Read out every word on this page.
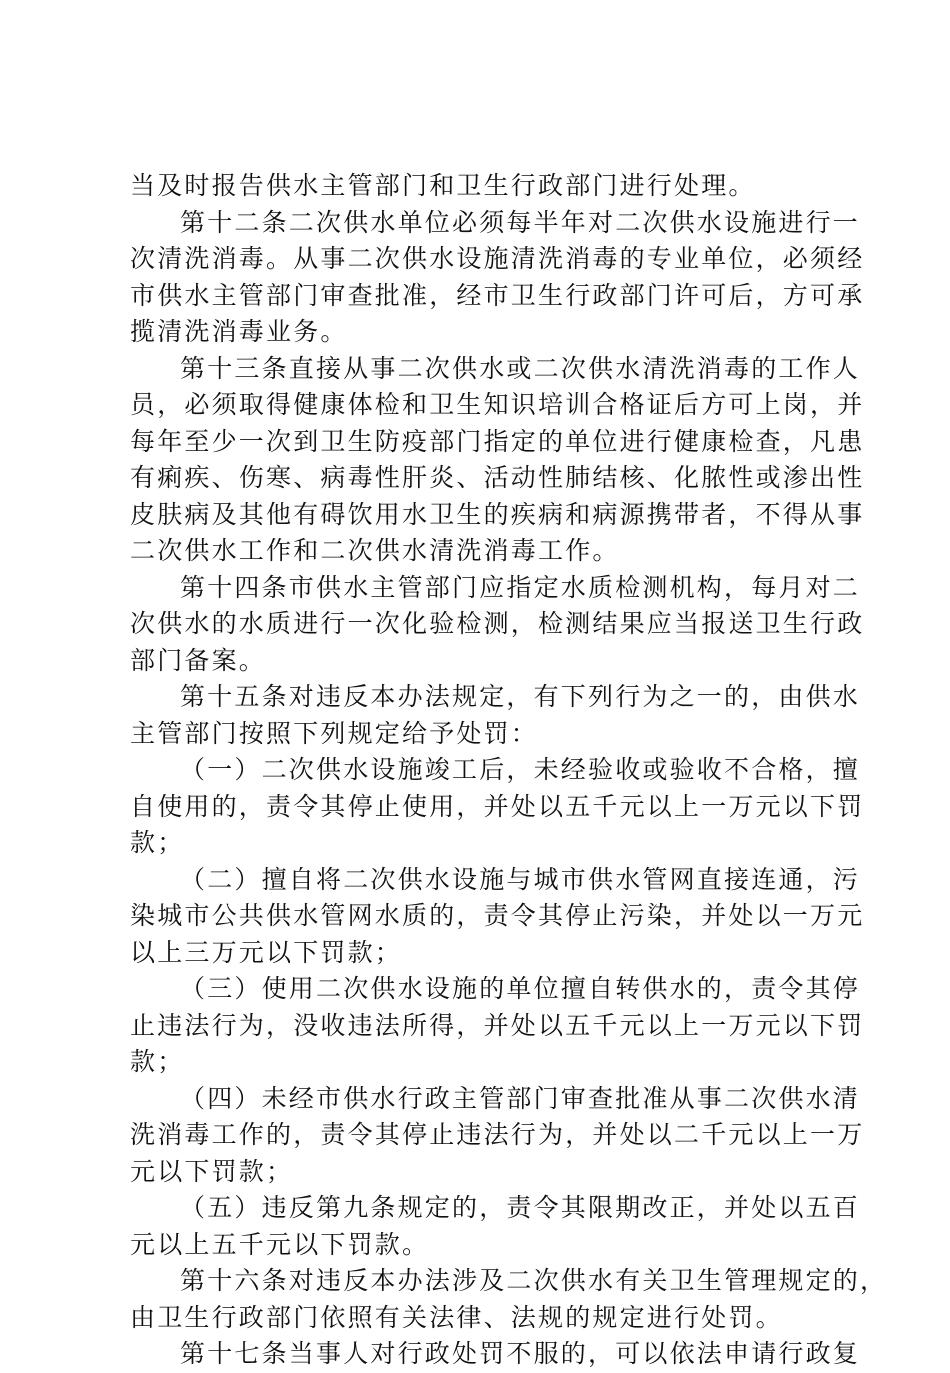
当及时报告供水主管部门和卫生行政部门进行处理。
第十二条二次供水单位必须每半年对二次供水设施进行一
次清洗消毒。从事二次供水设施清洗消毒的专业单位，必须经
市供水主管部门审查批准，经市卫生行政部门许可后，方可承
揽清洗消毒业务。
第十三条直接从事二次供水或二次供水清洗消毒的工作人
员，必须取得健康体检和卫生知识培训合格证后方可上岗，并
每年至少一次到卫生防疫部门指定的单位进行健康检查，凡患
有痢疾、伤寒、病毒性肝炎、活动性肺结核、化脓性或渗出性
皮肤病及其他有碍饮用水卫生的疾病和病源携带者，不得从事
二次供水工作和二次供水清洗消毒工作。
第十四条市供水主管部门应指定水质检测机构，每月对二
次供水的水质进行一次化验检测，检测结果应当报送卫生行政
部门备案。
第十五条对违反本办法规定，有下列行为之一的，由供水
主管部门按照下列规定给予处罚：
（一）二次供水设施竣工后，未经验收或验收不合格，擅
自使用的，责令其停止使用，并处以五千元以上一万元以下罚
款；
（二）擅自将二次供水设施与城市供水管网直接连通，污
染城市公共供水管网水质的，责令其停止污染，并处以一万元
以上三万元以下罚款；
（三）使用二次供水设施的单位擅自转供水的，责令其停
止违法行为，没收违法所得，并处以五千元以上一万元以下罚
款；
（四）未经市供水行政主管部门审查批准从事二次供水清
洗消毒工作的，责令其停止违法行为，并处以二千元以上一万
元以下罚款；
（五）违反第九条规定的，责令其限期改正，并处以五百
元以上五千元以下罚款。
第十六条对违反本办法涉及二次供水有关卫生管理规定的，
由卫生行政部门依照有关法律、法规的规定进行处罚。
第十七条当事人对行政处罚不服的，可以依法申请行政复
